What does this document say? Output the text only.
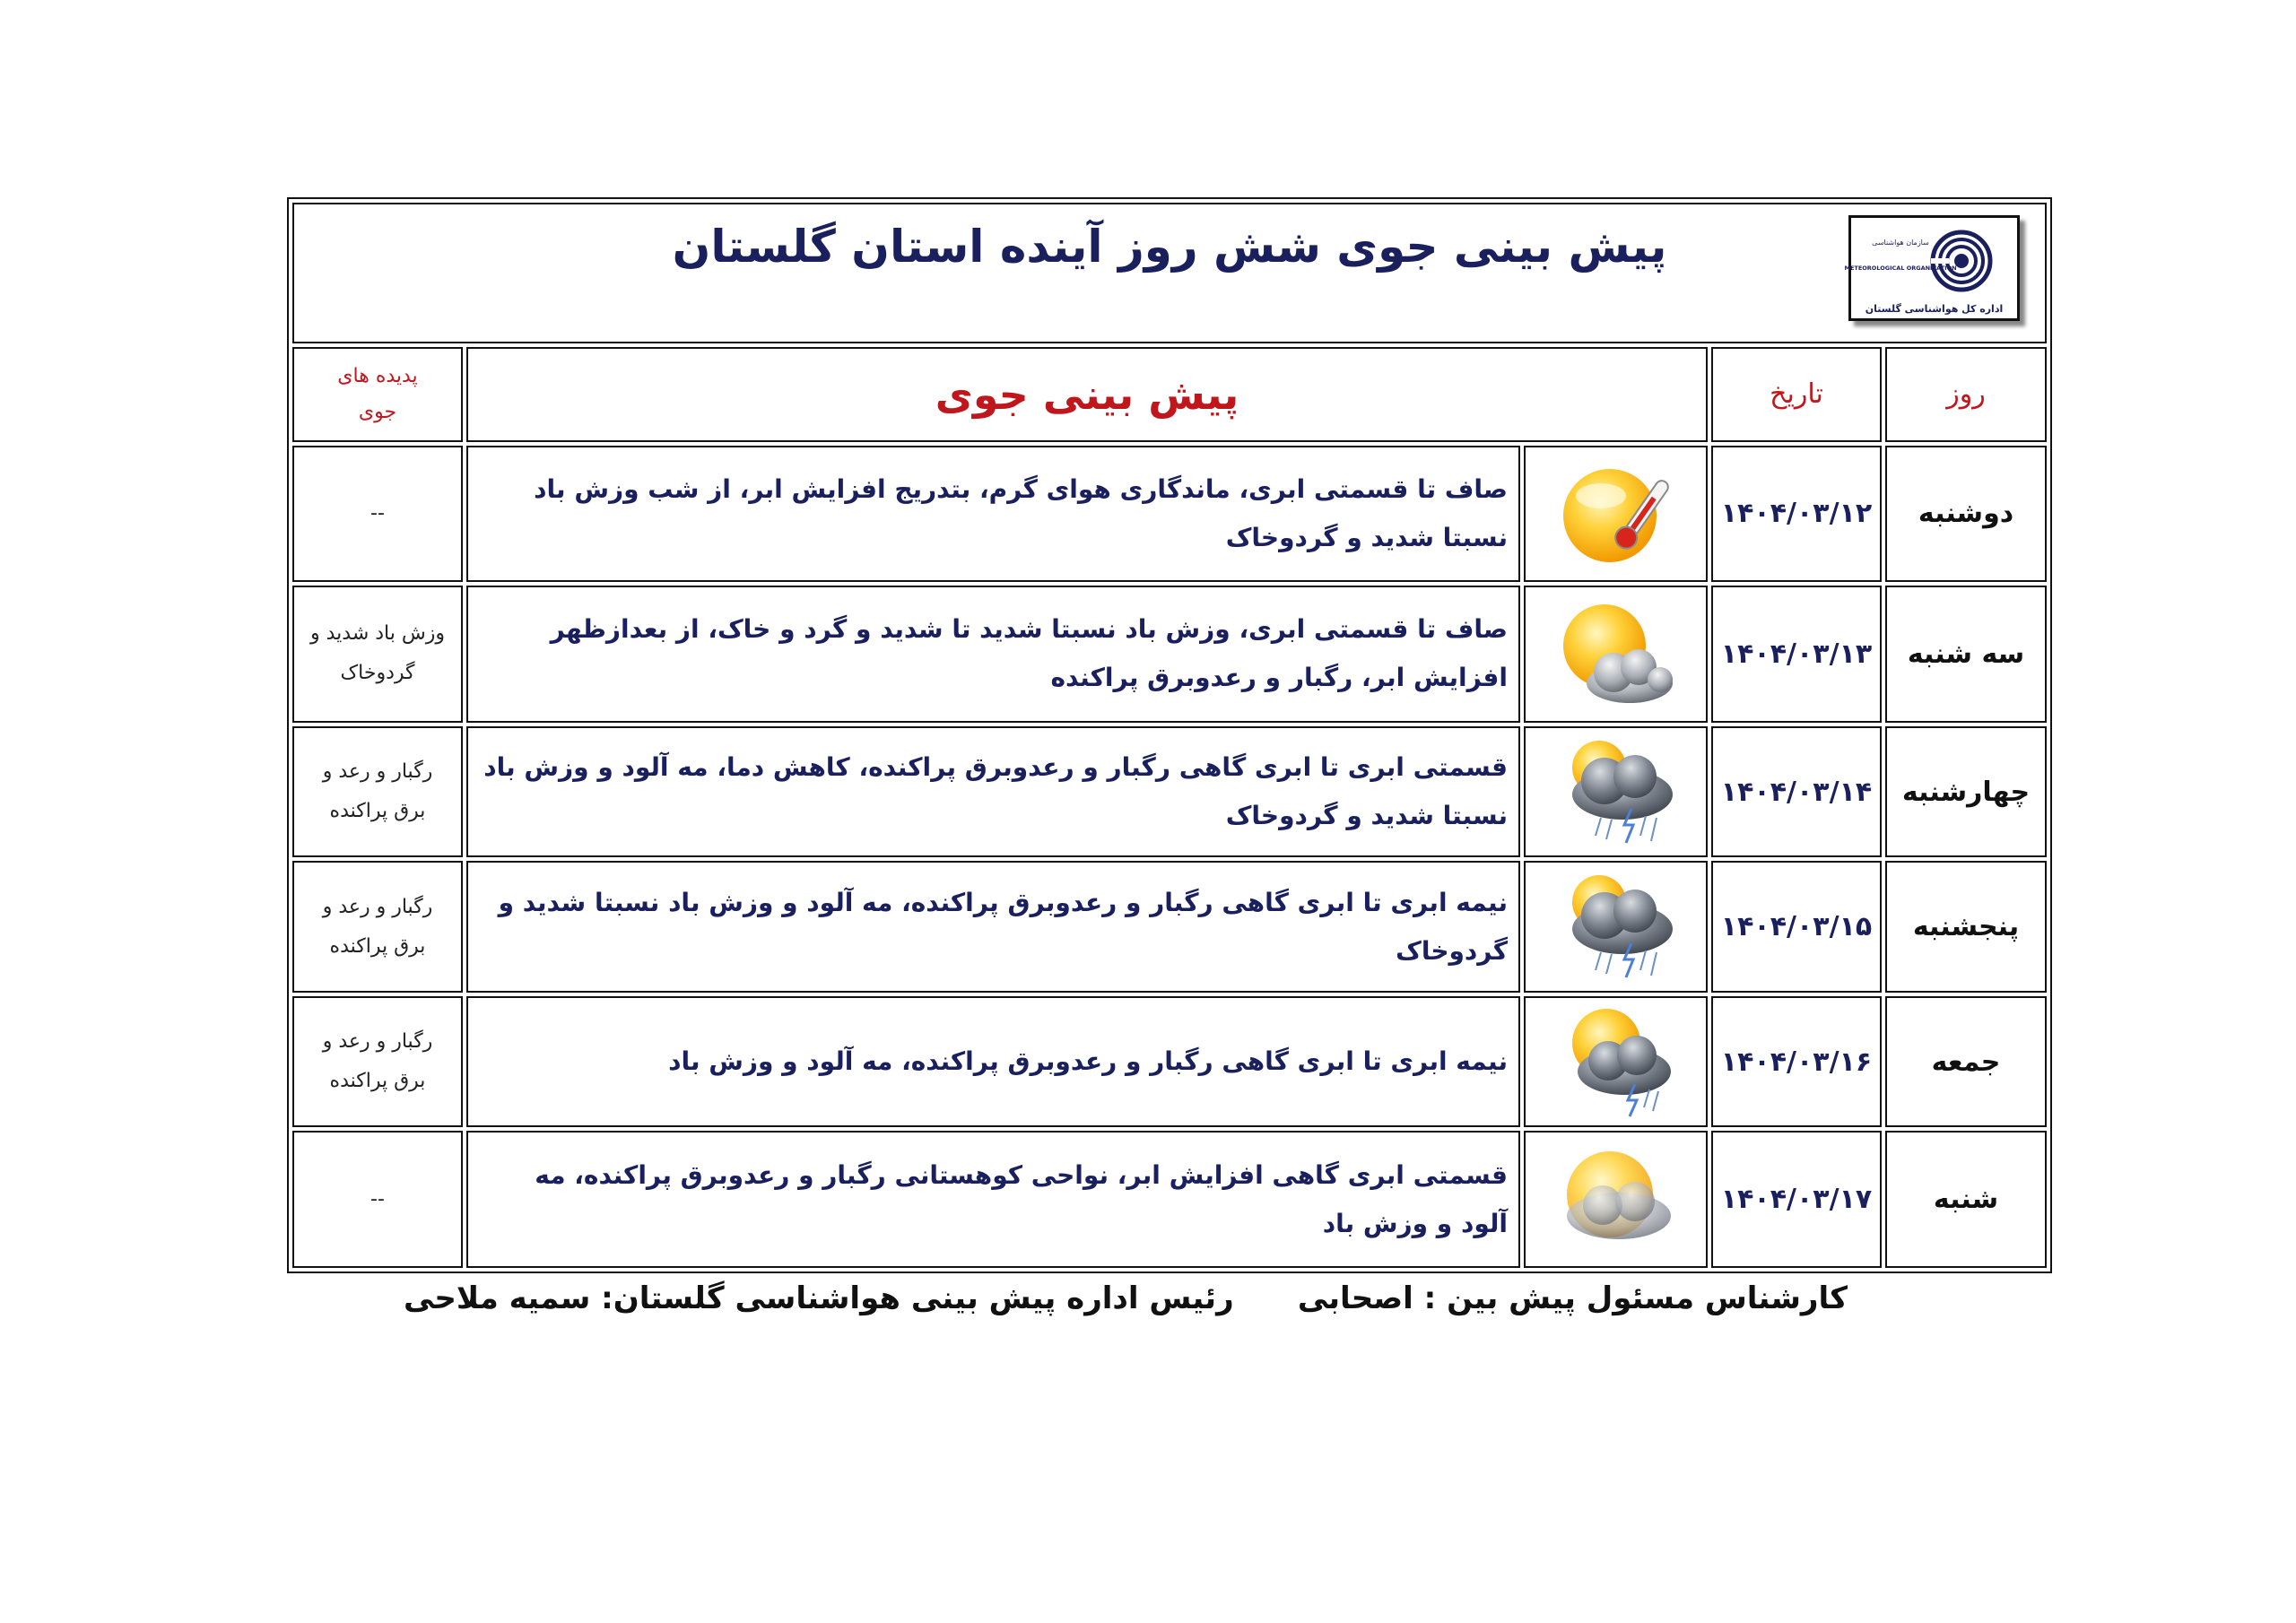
سازمان هواشناسی
METEOROLOGICAL ORGANIZATION
اداره کل هواشناسی گلستان
پیش بینی جوی شش روز آینده استان گلستان				

روز	تاریخ	پیش بینی جوی		پدیده های جوی
دوشنبه	۱۴۰۴/۰۳/۱۲		صاف تا قسمتی ابری، ماندگاری هوای گرم، بتدریج افزایش ابر، از شب وزش باد نسبتا شدید و گردوخاک	--
سه شنبه	۱۴۰۴/۰۳/۱۳		صاف تا قسمتی ابری، وزش باد نسبتا شدید تا شدید و گرد و خاک، از بعدازظهر افزایش ابر، رگبار و رعدوبرق پراکنده	وزش باد شدید و گردوخاک
چهارشنبه	۱۴۰۴/۰۳/۱۴		قسمتی ابری تا ابری گاهی رگبار و رعدوبرق پراکنده، کاهش دما، مه آلود و وزش باد نسبتا شدید و گردوخاک	رگبار و رعد و برق پراکنده
پنجشنبه	۱۴۰۴/۰۳/۱۵		نیمه ابری تا ابری گاهی رگبار و رعدوبرق پراکنده، مه آلود و وزش باد نسبتا شدید و گردوخاک	رگبار و رعد و برق پراکنده
جمعه	۱۴۰۴/۰۳/۱۶		نیمه ابری تا ابری گاهی رگبار و رعدوبرق پراکنده، مه آلود و وزش باد	رگبار و رعد و برق پراکنده
شنبه	۱۴۰۴/۰۳/۱۷		قسمتی ابری گاهی افزایش ابر، نواحی کوهستانی رگبار و رعدوبرق پراکنده، مه آلود و وزش باد	--
کارشناس مسئول پیش بین : اصحابی
رئیس اداره پیش بینی هواشناسی گلستان: سمیه ملاحی
